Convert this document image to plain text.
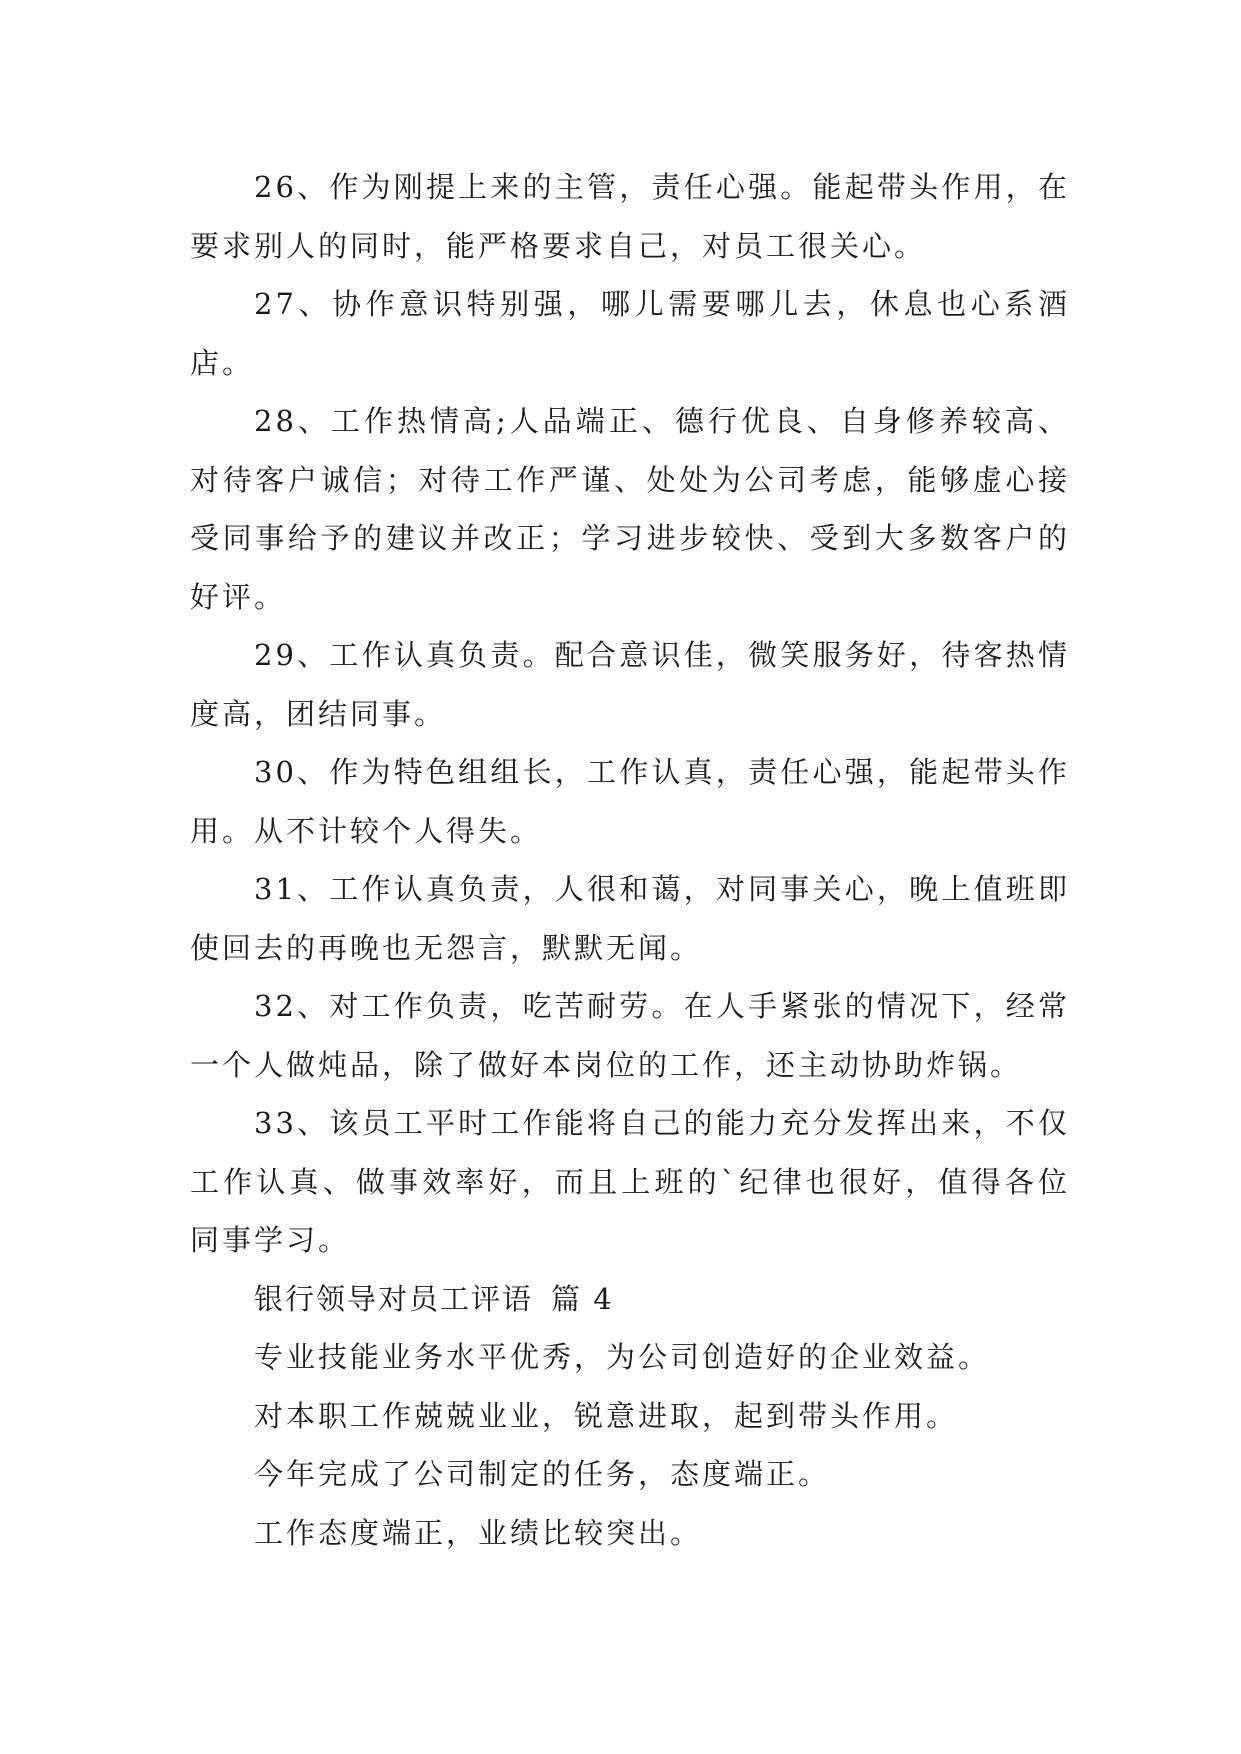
26、作为刚提上来的主管，责任心强。能起带头作用，在要求别人的同时，能严格要求自己，对员工很关心。

27、协作意识特别强，哪儿需要哪儿去，休息也心系酒店。

28、工作热情高;人品端正、德行优良、自身修养较高、对待客户诚信；对待工作严谨、处处为公司考虑，能够虚心接受同事给予的建议并改正；学习进步较快、受到大多数客户的好评。

29、工作认真负责。配合意识佳，微笑服务好，待客热情度高，团结同事。

30、作为特色组组长，工作认真，责任心强，能起带头作用。从不计较个人得失。

31、工作认真负责，人很和蔼，对同事关心，晚上值班即使回去的再晚也无怨言，默默无闻。

32、对工作负责，吃苦耐劳。在人手紧张的情况下，经常一个人做炖品，除了做好本岗位的工作，还主动协助炸锅。

33、该员工平时工作能将自己的能力充分发挥出来，不仅工作认真、做事效率好，而且上班的`纪律也很好，值得各位同事学习。

银行领导对员工评语 篇 4

专业技能业务水平优秀，为公司创造好的企业效益。

对本职工作兢兢业业，锐意进取，起到带头作用。

今年完成了公司制定的任务，态度端正。

工作态度端正，业绩比较突出。
